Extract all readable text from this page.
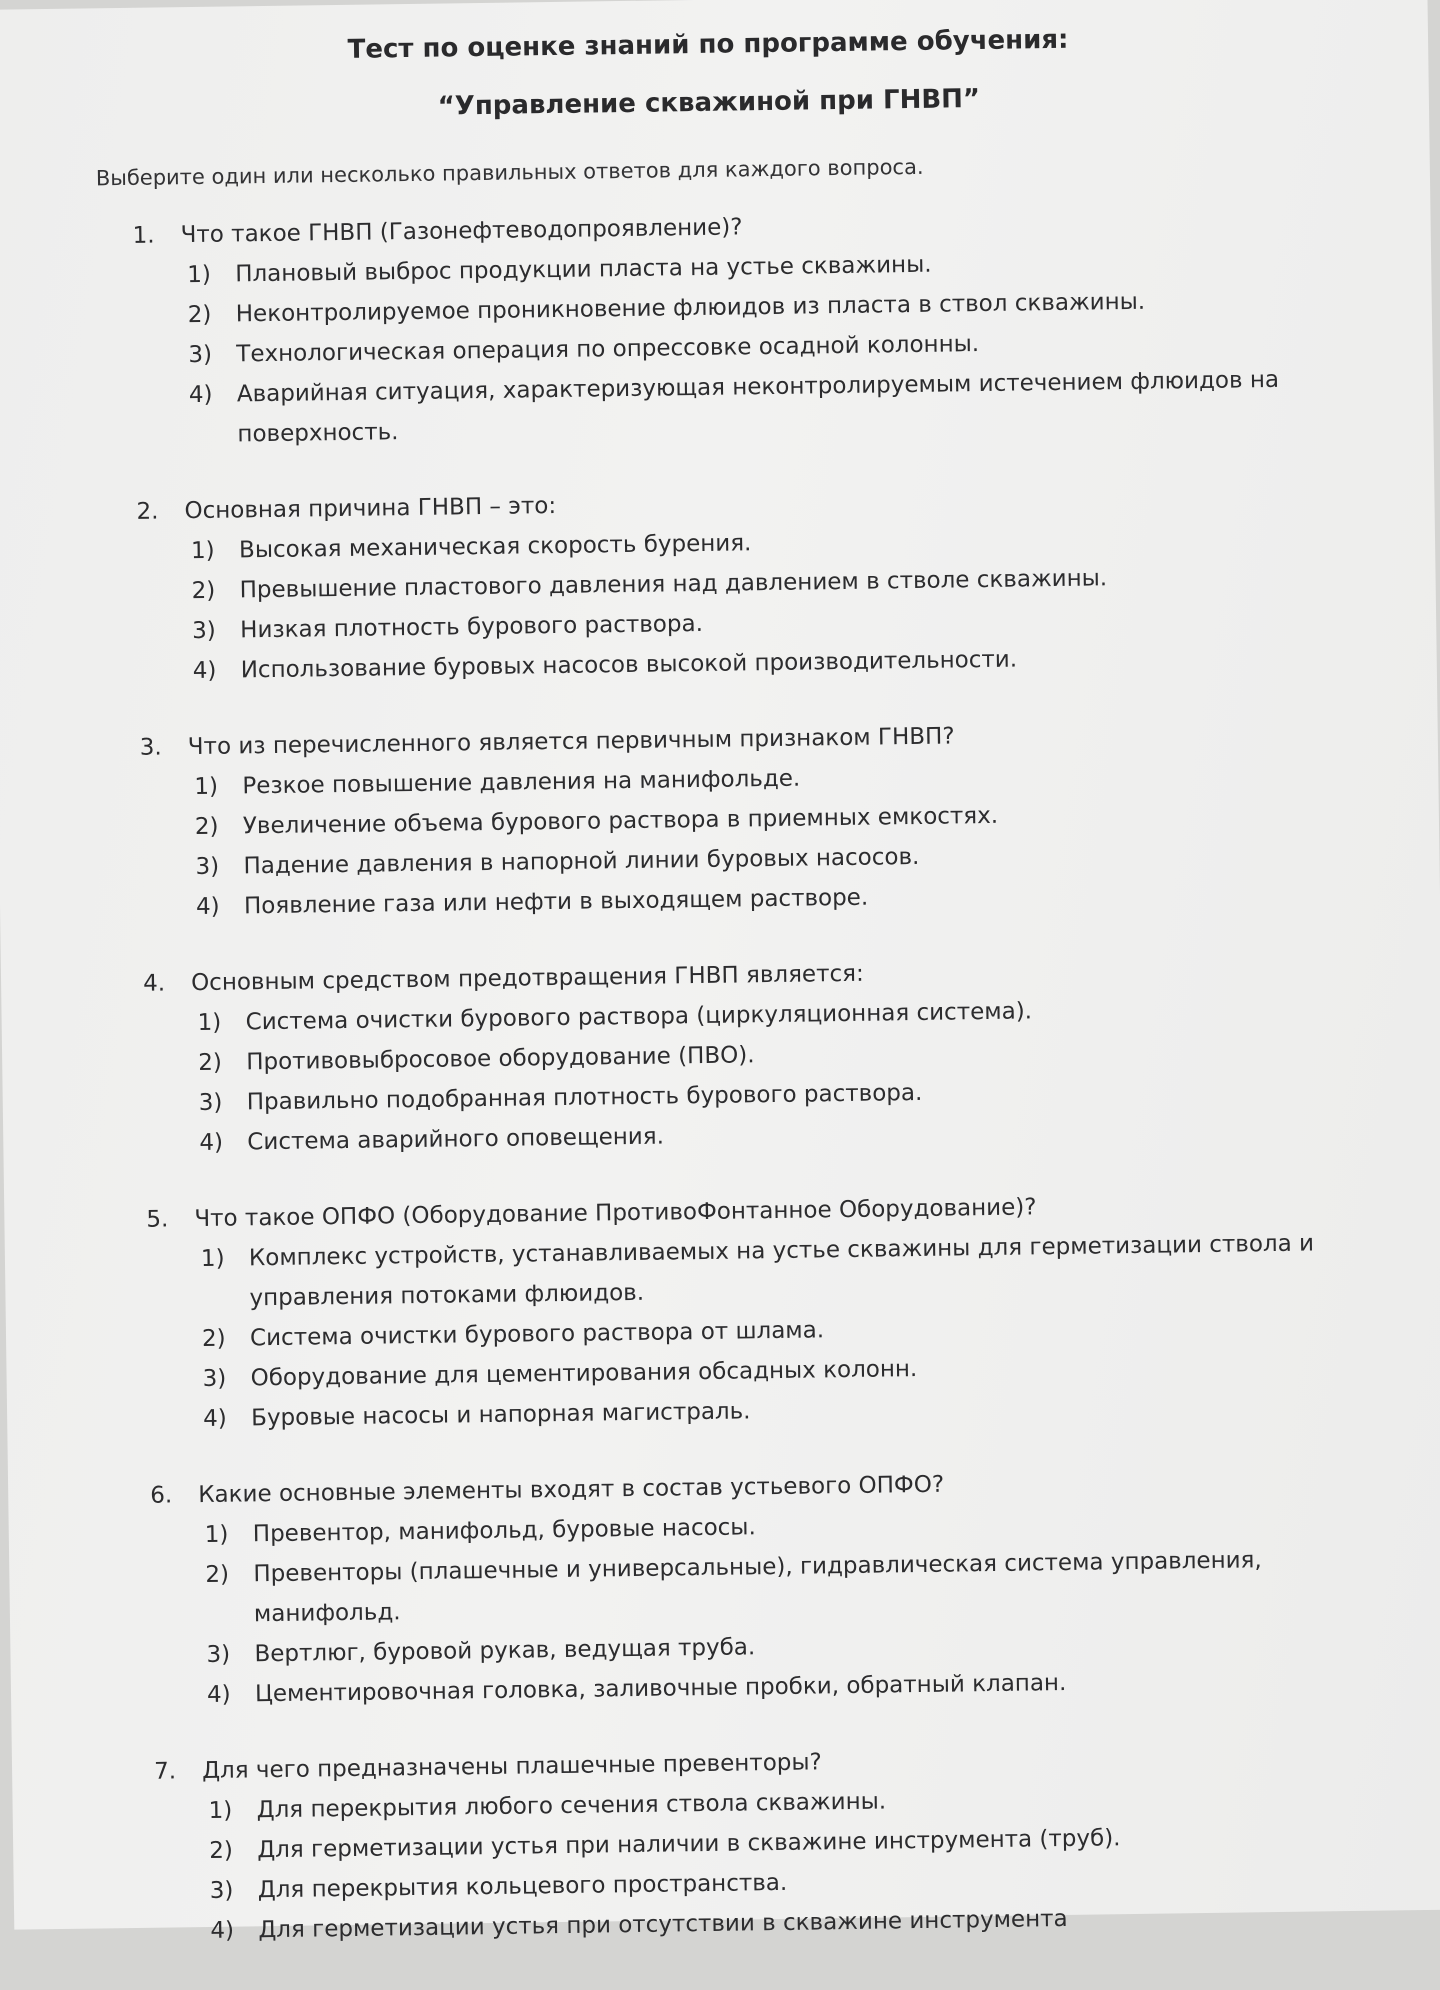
Тест по оценке знаний по программе обучения:
“Управление скважиной при ГНВП”
Выберите один или несколько правильных ответов для каждого вопроса.
1.	Что такое ГНВП (Газонефтеводопроявление)?
1)	Плановый выброс продукции пласта на устье скважины.
2)	Неконтролируемое проникновение флюидов из пласта в ствол скважины.
3)	Технологическая операция по опрессовке осадной колонны.
4)	Аварийная ситуация, характеризующая неконтролируемым истечением флюидов на поверхность.
2.	Основная причина ГНВП – это:
1)	Высокая механическая скорость бурения.
2)	Превышение пластового давления над давлением в стволе скважины.
3)	Низкая плотность бурового раствора.
4)	Использование буровых насосов высокой производительности.
3.	Что из перечисленного является первичным признаком ГНВП?
1)	Резкое повышение давления на манифольде.
2)	Увеличение объема бурового раствора в приемных емкостях.
3)	Падение давления в напорной линии буровых насосов.
4)	Появление газа или нефти в выходящем растворе.
4.	Основным средством предотвращения ГНВП является:
1)	Система очистки бурового раствора (циркуляционная система).
2)	Противовыбросовое оборудование (ПВО).
3)	Правильно подобранная плотность бурового раствора.
4)	Система аварийного оповещения.
5.	Что такое ОПФО (Оборудование ПротивоФонтанное Оборудование)?
1)	Комплекс устройств, устанавливаемых на устье скважины для герметизации ствола и управления потоками флюидов.
2)	Система очистки бурового раствора от шлама.
3)	Оборудование для цементирования обсадных колонн.
4)	Буровые насосы и напорная магистраль.
6.	Какие основные элементы входят в состав устьевого ОПФО?
1)	Превентор, манифольд, буровые насосы.
2)	Превенторы (плашечные и универсальные), гидравлическая система управления, манифольд.
3)	Вертлюг, буровой рукав, ведущая труба.
4)	Цементировочная головка, заливочные пробки, обратный клапан.
7.	Для чего предназначены плашечные превенторы?
1)	Для перекрытия любого сечения ствола скважины.
2)	Для герметизации устья при наличии в скважине инструмента (труб).
3)	Для перекрытия кольцевого пространства.
4)	Для герметизации устья при отсутствии в скважине инструмента
